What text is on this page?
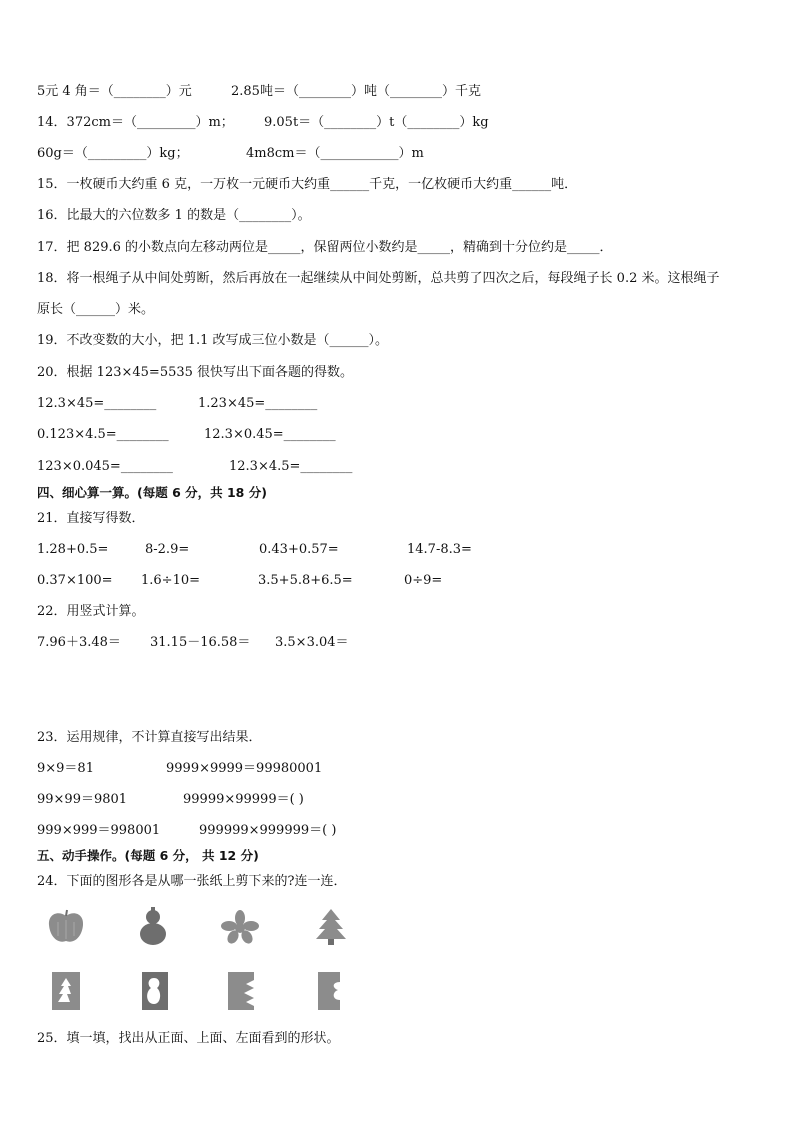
5元 4 角＝（________）元	2.85吨＝（________）吨（________）千克
14．372cm＝（_________）m； 9.05t＝（________）t（________）kg
60g＝（_________）kg；	4m8cm＝（____________）m
15．一枚硬币大约重 6 克，一万枚一元硬币大约重______千克，一亿枚硬币大约重______吨．
16．比最大的六位数多 1 的数是（________）。
17．把 829.6 的小数点向左移动两位是_____，保留两位小数约是_____，精确到十分位约是_____．
18．将一根绳子从中间处剪断，然后再放在一起继续从中间处剪断，总共剪了四次之后，每段绳子长 0.2 米。这根绳子
原长（______）米。
19．不改变数的大小，把 1.1 改写成三位小数是（______）。
20．根据 123×45=5535 很快写出下面各题的得数。
12.3×45=________	1.23×45=________
0.123×4.5=________	12.3×0.45=________
123×0.045=________	12.3×4.5=________
四、细心算一算。(每题 6 分，共 18 分)
21．直接写得数．
1.28+0.5=	8-2.9=	0.43+0.57=	14.7-8.3=
0.37×100= 1.6÷10=	3.5+5.8+6.5=	0÷9=
22．用竖式计算。
7.96＋3.48＝ 31.15－16.58＝ 3.5×3.04＝
23．运用规律，不计算直接写出结果．
9×9＝81	9999×9999＝99980001
99×99＝9801	99999×99999＝( )
999×999＝998001	999999×999999＝( )
五、动手操作。(每题 6 分， 共 12 分)
24．下面的图形各是从哪一张纸上剪下来的?连一连．
25．填一填，找出从正面、上面、左面看到的形状。
